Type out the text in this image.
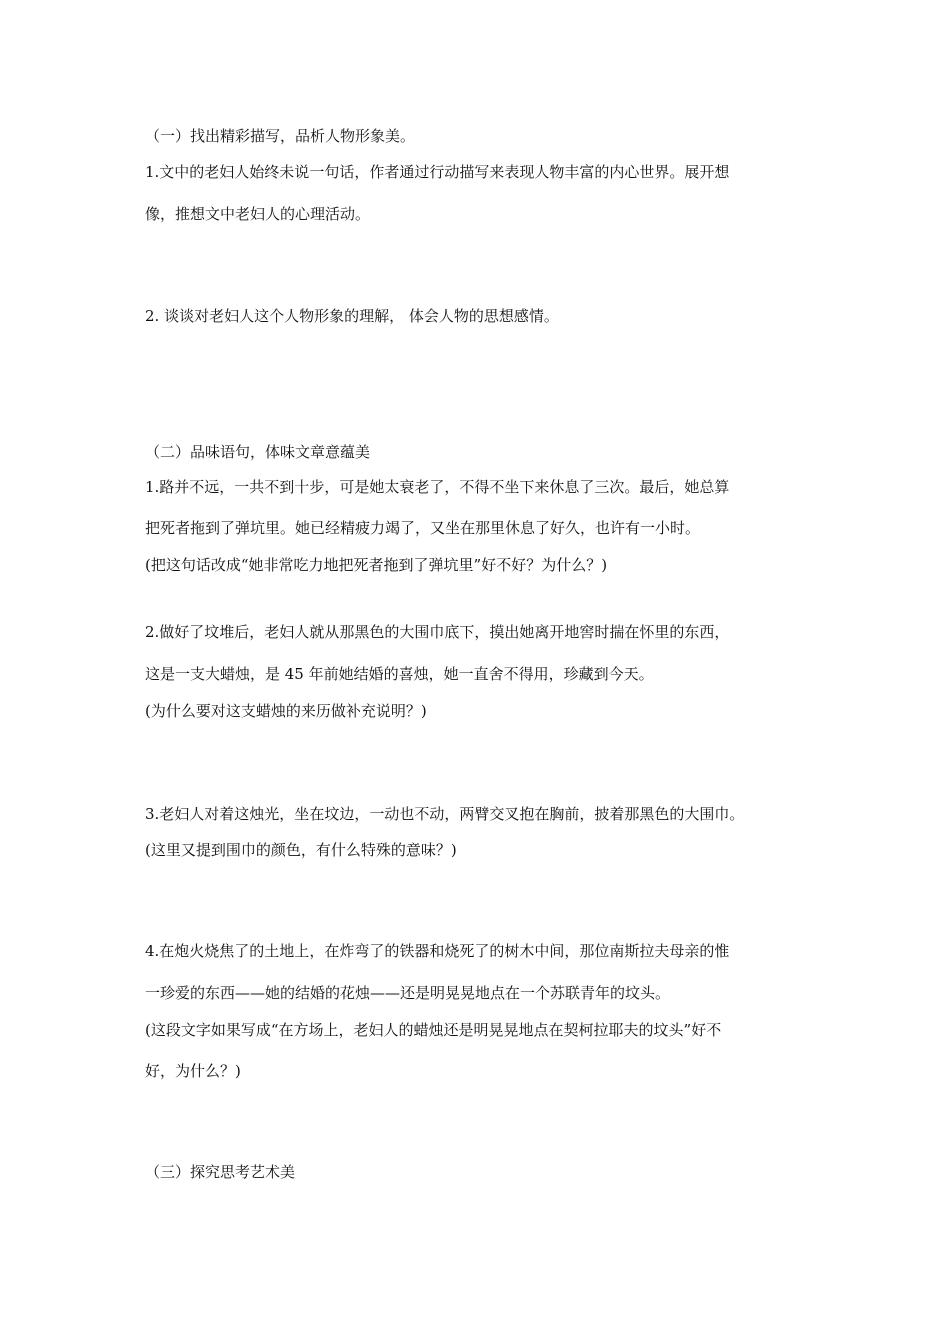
（一）找出精彩描写，品析人物形象美。
1.文中的老妇人始终未说一句话，作者通过行动描写来表现人物丰富的内心世界。展开想
像，推想文中老妇人的心理活动。
2. 谈谈对老妇人这个人物形象的理解， 体会人物的思想感情。
（二）品味语句，体味文章意蕴美
1.路并不远，一共不到十步，可是她太衰老了，不得不坐下来休息了三次。最后，她总算
把死者拖到了弹坑里。她已经精疲力竭了，又坐在那里休息了好久，也许有一小时。
(把这句话改成“她非常吃力地把死者拖到了弹坑里”好不好？为什么？)
2.做好了坟堆后，老妇人就从那黑色的大围巾底下，摸出她离开地窖时揣在怀里的东西，
这是一支大蜡烛，是 45 年前她结婚的喜烛，她一直舍不得用，珍藏到今天。
(为什么要对这支蜡烛的来历做补充说明？)
3.老妇人对着这烛光，坐在坟边，一动也不动，两臂交叉抱在胸前，披着那黑色的大围巾。
(这里又提到围巾的颜色，有什么特殊的意味？)
4.在炮火烧焦了的土地上，在炸弯了的铁器和烧死了的树木中间，那位南斯拉夫母亲的惟
一珍爱的东西——她的结婚的花烛——还是明晃晃地点在一个苏联青年的坟头。
(这段文字如果写成“在方场上，老妇人的蜡烛还是明晃晃地点在契柯拉耶夫的坟头”好不
好，为什么？)
（三）探究思考艺术美
